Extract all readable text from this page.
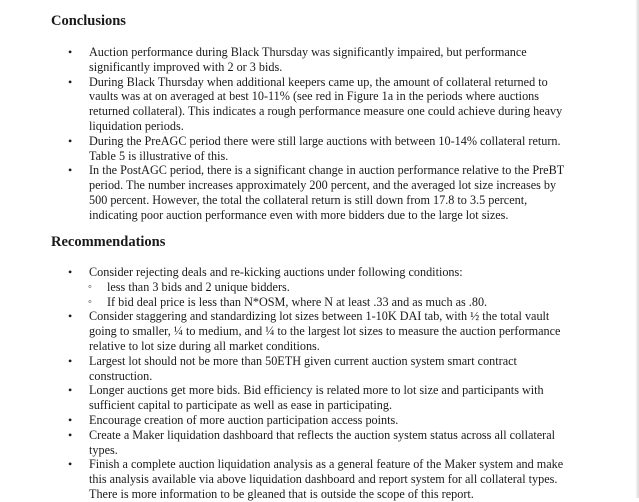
Conclusions
• Auction performance during Black Thursday was significantly impaired, but performance significantly improved with 2 or 3 bids.
• During Black Thursday when additional keepers came up, the amount of collateral returned to vaults was at on averaged at best 10-11% (see red in Figure 1a in the periods where auctions returned collateral). This indicates a rough performance measure one could achieve during heavy liquidation periods.
• During the PreAGC period there were still large auctions with between 10-14% collateral return. Table 5 is illustrative of this.
• In the PostAGC period, there is a significant change in auction performance relative to the PreBT period. The number increases approximately 200 percent, and the averaged lot size increases by 500 percent. However, the total the collateral return is still down from 17.8 to 3.5 percent, indicating poor auction performance even with more bidders due to the large lot sizes.
Recommendations
• Consider rejecting deals and re-kicking auctions under following conditions:
◦ less than 3 bids and 2 unique bidders.
◦ If bid deal price is less than N*OSM, where N at least .33 and as much as .80.
• Consider staggering and standardizing lot sizes between 1-10K DAI tab, with ½ the total vault going to smaller, ¼ to medium, and ¼ to the largest lot sizes to measure the auction performance relative to lot size during all market conditions.
• Largest lot should not be more than 50ETH given current auction system smart contract construction.
• Longer auctions get more bids. Bid efficiency is related more to lot size and participants with sufficient capital to participate as well as ease in participating.
• Encourage creation of more auction participation access points.
• Create a Maker liquidation dashboard that reflects the auction system status across all collateral types.
• Finish a complete auction liquidation analysis as a general feature of the Maker system and make this analysis available via above liquidation dashboard and report system for all collateral types. There is more information to be gleaned that is outside the scope of this report.
